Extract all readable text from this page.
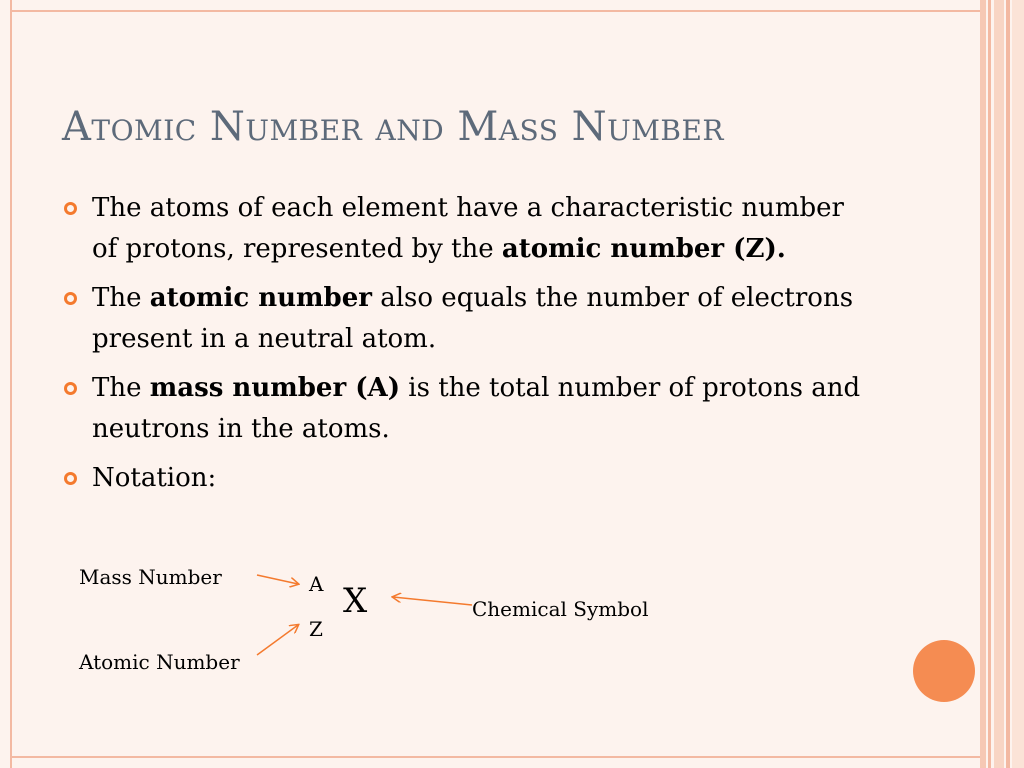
Atomic Number and Mass Number
The atoms of each element have a characteristic number of protons, represented by the atomic number (Z).
The atomic number also equals the number of electrons present in a neutral atom.
The mass number (A) is the total number of protons and neutrons in the atoms.
Notation:
Mass Number
Atomic Number
Chemical Symbol
A
Z
X
